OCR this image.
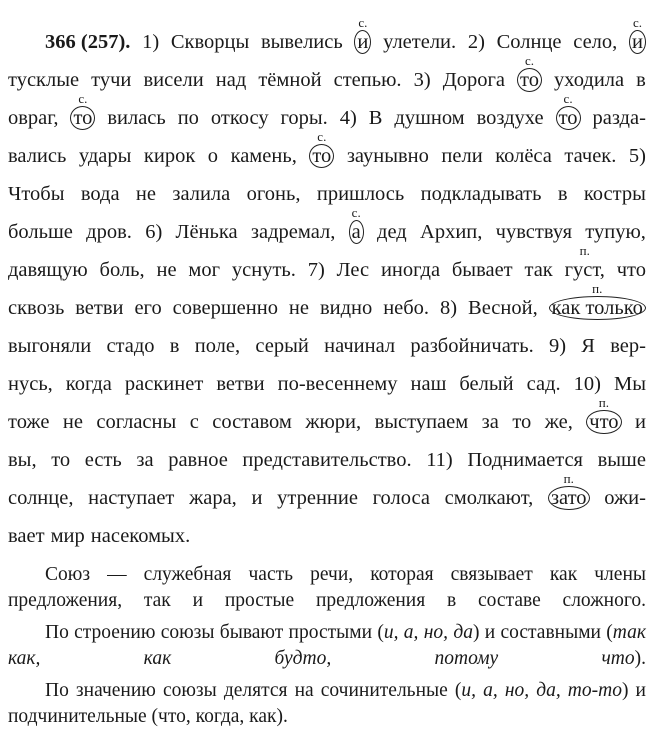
366 (257). 1) Скворцы вывелись и
с.
улетели. 2) Солнце село, и
с.
тусклые тучи висели над тёмной степью. 3) Дорога то
с.
уходила в
овраг, то
с.
вилась по откосу горы. 4) В душном воздухе то
с.
разда-
вались удары кирок о камень, то
с.
заунывно пели колёса тачек. 5)
Чтобы вода не залила огонь, пришлось подкладывать в костры
больше дров. 6) Лёнька задремал, а
с.
дед Архип, чувствуя тупую,
давящую боль, не мог уснуть. 7) Лес иногда бывает так густ,
п.
что
сквозь ветви его совершенно не видно небо. 8) Весной, как только
п.
выгоняли стадо в поле, серый начинал разбойничать. 9) Я вер-
нусь, когда раскинет ветви по-весеннему наш белый сад. 10) Мы
тоже не согласны с составом жюри, выступаем за то же, что
п.
и
вы, то есть за равное представительство. 11) Поднимается выше
солнце, наступает жара, и утренние голоса смолкают, зато
п.
ожи-
вает мир насекомых.

Союз — служебная часть речи, которая связывает как члены предложения, так и простые предложения в составе сложного.

По строению союзы бывают простыми (и, а, но, да) и составными (так как, как будто, потому что).

По значению союзы делятся на сочинительные (и, а, но, да, то-то) и подчинительные (что, когда, как).
